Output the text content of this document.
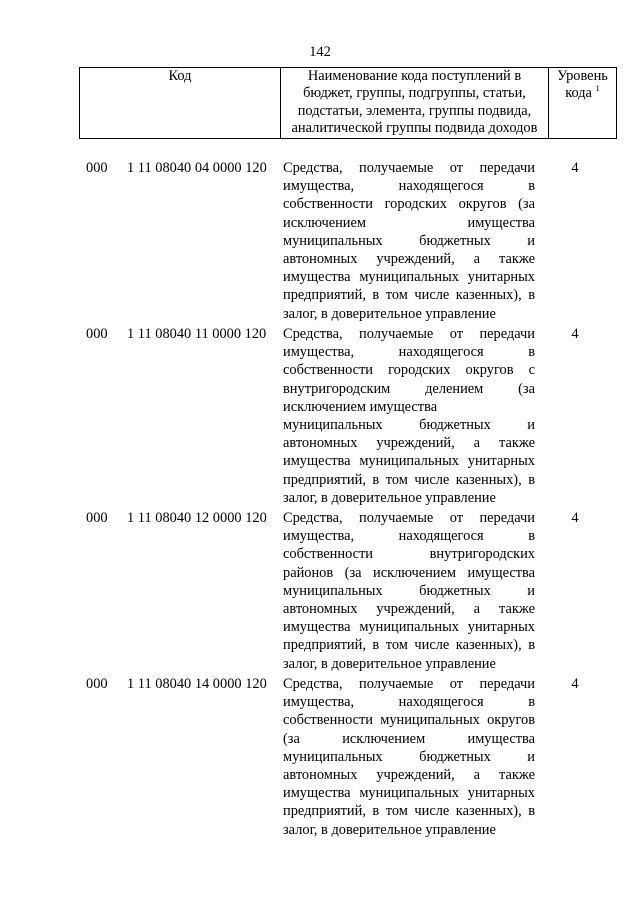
142
Код	Наименование кода поступлений в
бюджет, группы, подгруппы, статьи,
подстатьи, элемента, группы подвида,
аналитической группы подвида доходов
Уровень
кода $^1$
000 1 11 08040 04 0000 120 Средства, получаемые от передачи
имущества, находящегося в
собственности городских округов (за
исключением имущества
муниципальных бюджетных и
автономных учреждений, а также
имущества муниципальных унитарных
предприятий, в том числе казенных), в
залог, в доверительное управление
4
000 1 11 08040 11 0000 120 Средства, получаемые от передачи
имущества, находящегося в
собственности городских округов с
внутригородским делением (за
исключением имущества
муниципальных бюджетных и
автономных учреждений, а также
имущества муниципальных унитарных
предприятий, в том числе казенных), в
залог, в доверительное управление
4
000 1 11 08040 12 0000 120 Средства, получаемые от передачи
имущества, находящегося в
собственности внутригородских
районов (за исключением имущества
муниципальных бюджетных и
автономных учреждений, а также
имущества муниципальных унитарных
предприятий, в том числе казенных), в
залог, в доверительное управление
4
000 1 11 08040 14 0000 120 Средства, получаемые от передачи
имущества, находящегося в
собственности муниципальных округов
(за исключением имущества
муниципальных бюджетных и
автономных учреждений, а также
имущества муниципальных унитарных
предприятий, в том числе казенных), в
залог, в доверительное управление
4
